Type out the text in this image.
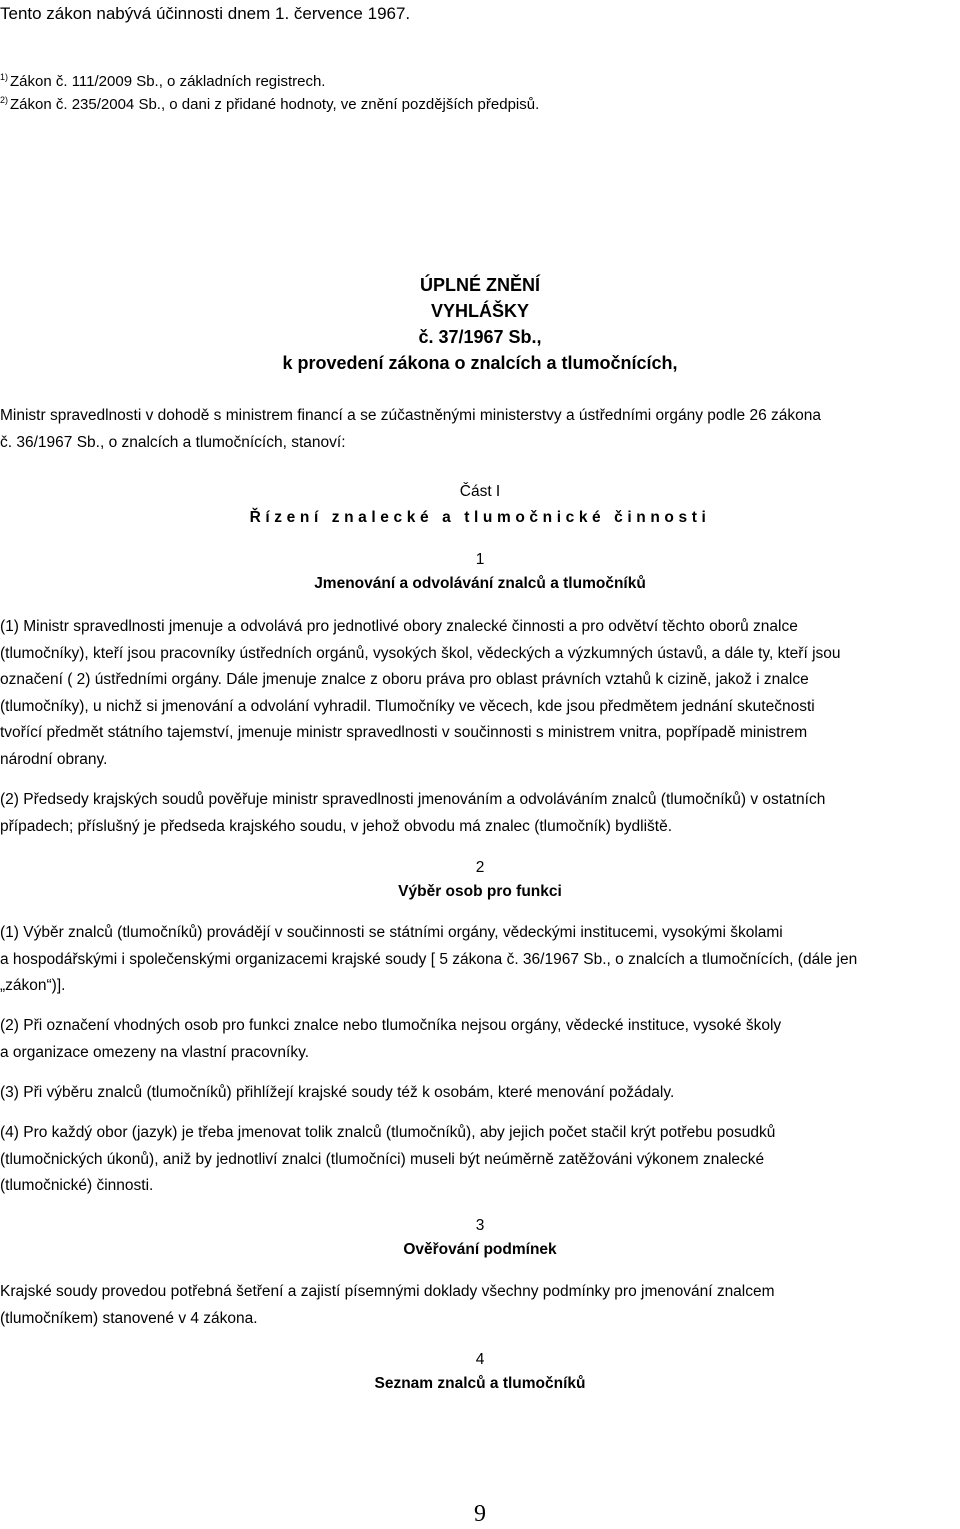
Tento zákon nabývá účinnosti dnem 1. července 1967.
$^{1)}$ Zákon č. 111/2009 Sb., o základních registrech.
$^{2)}$ Zákon č. 235/2004 Sb., o dani z přidané hodnoty, ve znění pozdějších předpisů.
ÚPLNÉ ZNĚNÍ
VYHLÁŠKY
č. 37/1967 Sb.,
k provedení zákona o znalcích a tlumočnících,
Ministr spravedlnosti v dohodě s ministrem financí a se zúčastněnými ministerstvy a ústředními orgány podle 26 zákona
č. 36/1967 Sb., o znalcích a tlumočnících, stanoví:
Část I
Řízení znalecké a tlumočnické činnosti
1
Jmenování a odvolávání znalců a tlumočníků
(1) Ministr spravedlnosti jmenuje a odvolává pro jednotlivé obory znalecké činnosti a pro odvětví těchto oborů znalce
(tlumočníky), kteří jsou pracovníky ústředních orgánů, vysokých škol, vědeckých a výzkumných ústavů, a dále ty, kteří jsou
označení ( 2) ústředními orgány. Dále jmenuje znalce z oboru práva pro oblast právních vztahů k cizině, jakož i znalce
(tlumočníky), u nichž si jmenování a odvolání vyhradil. Tlumočníky ve věcech, kde jsou předmětem jednání skutečnosti
tvořící předmět státního tajemství, jmenuje ministr spravedlnosti v součinnosti s ministrem vnitra, popřípadě ministrem
národní obrany.
(2) Předsedy krajských soudů pověřuje ministr spravedlnosti jmenováním a odvoláváním znalců (tlumočníků) v ostatních
případech; příslušný je předseda krajského soudu, v jehož obvodu má znalec (tlumočník) bydliště.
2
Výběr osob pro funkci
(1) Výběr znalců (tlumočníků) provádějí v součinnosti se státními orgány, vědeckými institucemi, vysokými školami
a hospodářskými i společenskými organizacemi krajské soudy [ 5 zákona č. 36/1967 Sb., o znalcích a tlumočnících, (dále jen
„zákon“)].
(2) Při označení vhodných osob pro funkci znalce nebo tlumočníka nejsou orgány, vědecké instituce, vysoké školy
a organizace omezeny na vlastní pracovníky.
(3) Při výběru znalců (tlumočníků) přihlížejí krajské soudy též k osobám, které menování požádaly.
(4) Pro každý obor (jazyk) je třeba jmenovat tolik znalců (tlumočníků), aby jejich počet stačil krýt potřebu posudků
(tlumočnických úkonů), aniž by jednotliví znalci (tlumočníci) museli být neúměrně zatěžováni výkonem znalecké
(tlumočnické) činnosti.
3
Ověřování podmínek
Krajské soudy provedou potřebná šetření a zajistí písemnými doklady všechny podmínky pro jmenování znalcem
(tlumočníkem) stanovené v 4 zákona.
4
Seznam znalců a tlumočníků
9
